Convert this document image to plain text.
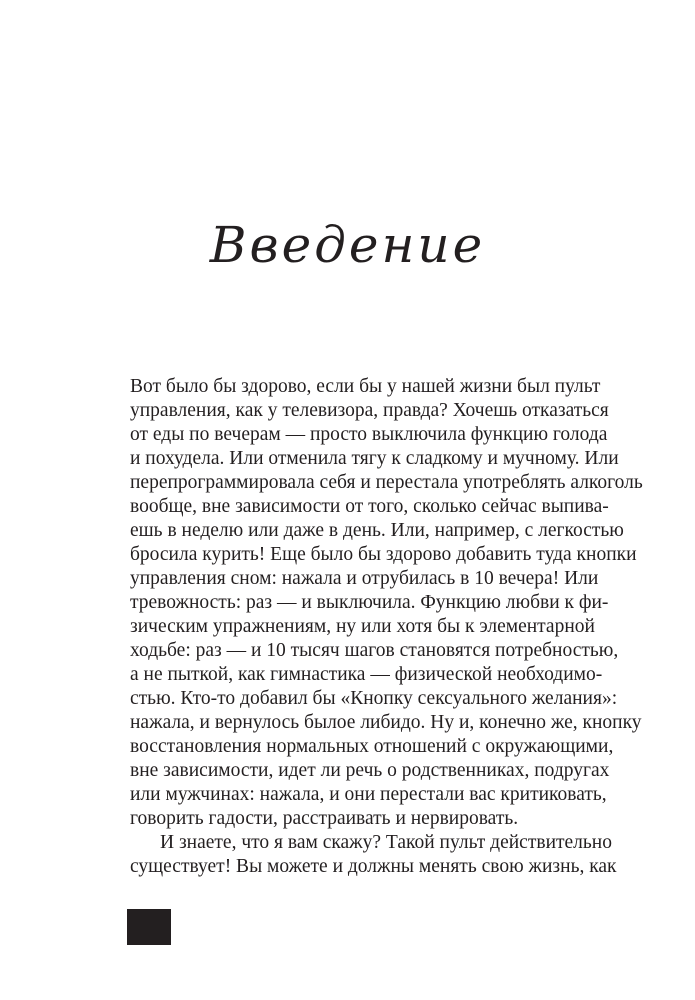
Введение
Вот было бы здорово, если бы у нашей жизни был пульт
управления, как у телевизора, правда? Хочешь отказаться
от еды по вечерам — просто выключила функцию голода
и похудела. Или отменила тягу к сладкому и мучному. Или
перепрограммировала себя и перестала употреблять алкоголь
вообще, вне зависимости от того, сколько сейчас выпива-
ешь в неделю или даже в день. Или, например, с легкостью
бросила курить! Еще было бы здорово добавить туда кнопки
управления сном: нажала и отрубилась в 10 вечера! Или
тревожность: раз — и выключила. Функцию любви к фи-
зическим упражнениям, ну или хотя бы к элементарной
ходьбе: раз — и 10 тысяч шагов становятся потребностью,
а не пыткой, как гимнастика — физической необходимо-
стью. Кто-то добавил бы «Кнопку сексуального желания»:
нажала, и вернулось былое либидо. Ну и, конечно же, кнопку
восстановления нормальных отношений с окружающими,
вне зависимости, идет ли речь о родственниках, подругах
или мужчинах: нажала, и они перестали вас критиковать,
говорить гадости, расстраивать и нервировать.
И знаете, что я вам скажу? Такой пульт действительно
существует! Вы можете и должны менять свою жизнь, как
